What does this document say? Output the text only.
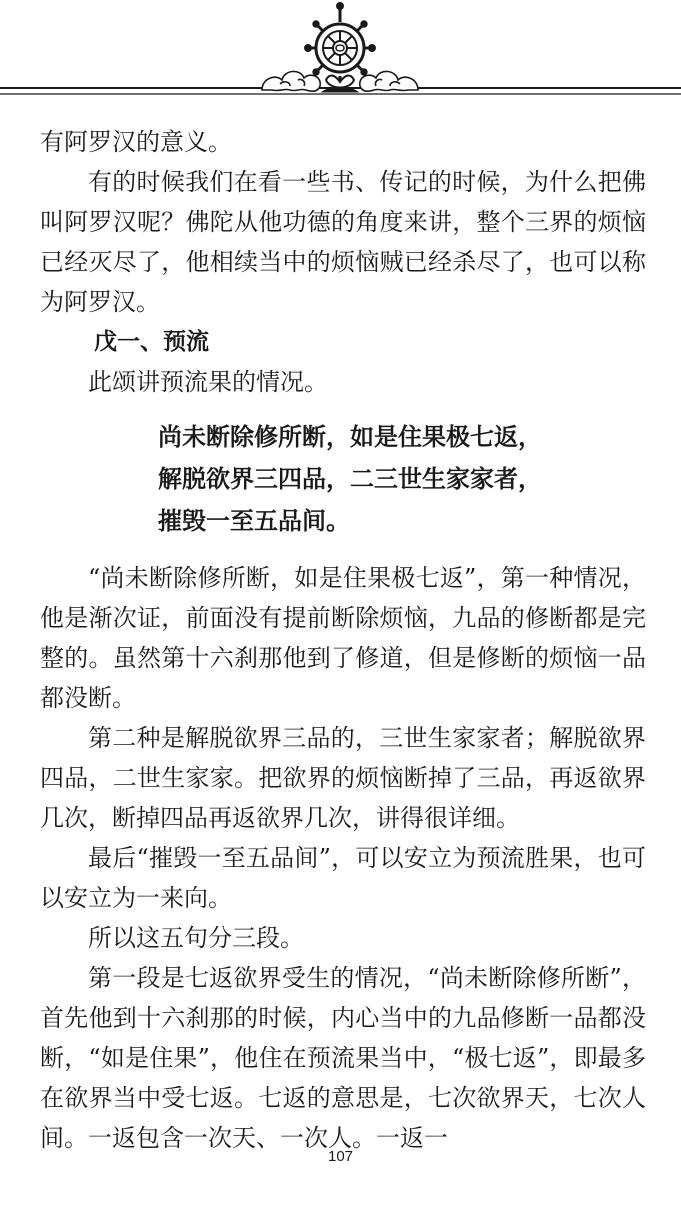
有阿罗汉的意义。

有的时候我们在看一些书、传记的时候，为什么把佛叫阿罗汉呢？佛陀从他功德的角度来讲，整个三界的烦恼已经灭尽了，他相续当中的烦恼贼已经杀尽了，也可以称为阿罗汉。

戊一、预流

此颂讲预流果的情况。

尚未断除修所断，如是住果极七返，

解脱欲界三四品，二三世生家家者，

摧毁一至五品间。

“尚未断除修所断，如是住果极七返”，第一种情况，他是渐次证，前面没有提前断除烦恼，九品的修断都是完整的。虽然第十六刹那他到了修道，但是修断的烦恼一品都没断。

第二种是解脱欲界三品的，三世生家家者；解脱欲界四品，二世生家家。把欲界的烦恼断掉了三品，再返欲界几次，断掉四品再返欲界几次，讲得很详细。

最后“摧毁一至五品间”，可以安立为预流胜果，也可以安立为一来向。

所以这五句分三段。

第一段是七返欲界受生的情况，“尚未断除修所断”，首先他到十六刹那的时候，内心当中的九品修断一品都没断，“如是住果”，他住在预流果当中，“极七返”，即最多在欲界当中受七返。七返的意思是，七次欲界天，七次人间。一返包含一次天、一次人。一返一

107
